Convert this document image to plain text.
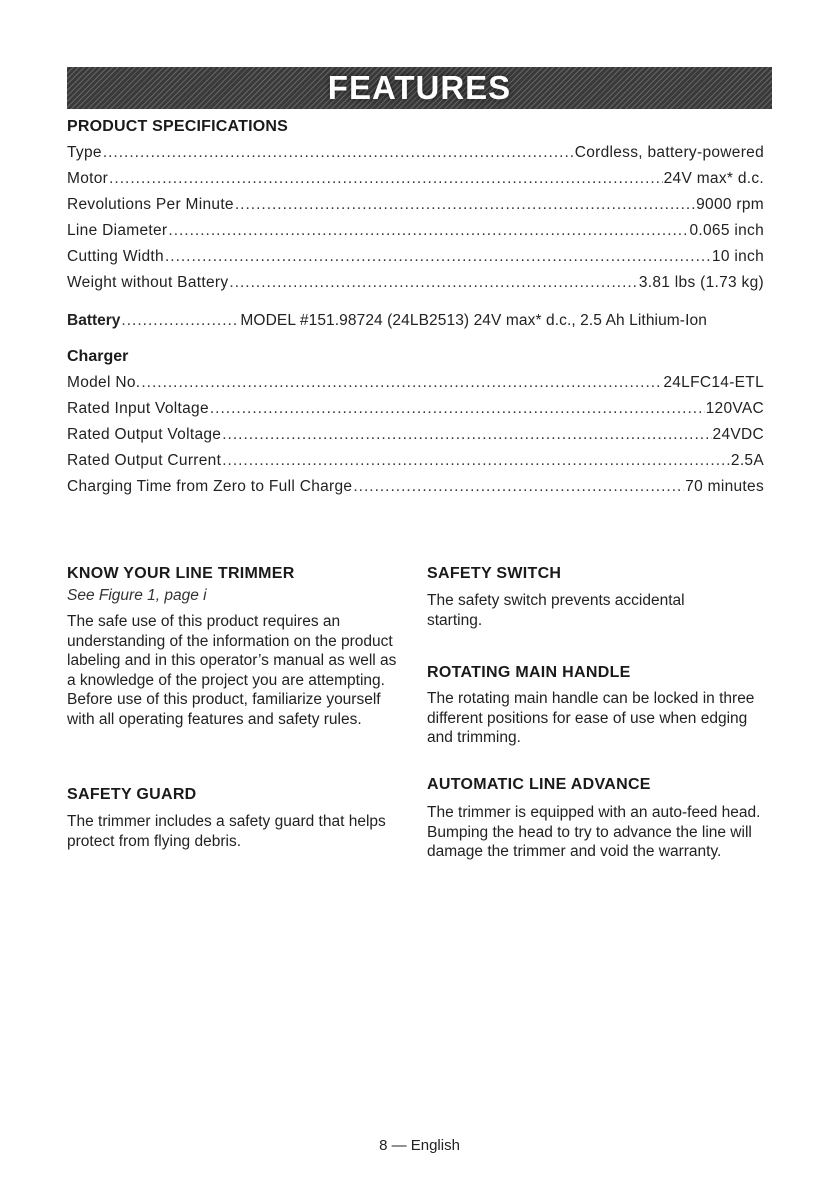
FEATURES
PRODUCT SPECIFICATIONS
Type .....	Cordless, battery-powered
Motor .....	24V max* d.c.
Revolutions Per Minute .....	9000 rpm
Line Diameter .....	0.065 inch
Cutting Width .....	10 inch
Weight without Battery .....	3.81 lbs (1.73 kg)
Battery .....	MODEL #151.98724 (24LB2513) 24V max* d.c., 2.5 Ah Lithium-Ion
Charger
Model No. .....	24LFC14-ETL
Rated Input Voltage .....	120VAC
Rated Output Voltage .....	24VDC
Rated Output Current .....	2.5A
Charging Time from Zero to Full Charge .....	70 minutes
KNOW YOUR LINE TRIMMER
See Figure 1, page i

The safe use of this product requires an understanding of the information on the product labeling and in this operator’s manual as well as a knowledge of the project you are attempting. Before use of this product, familiarize yourself with all operating features and safety rules.

SAFETY GUARD

The trimmer includes a safety guard that helps protect from flying debris.

SAFETY SWITCH

The safety switch prevents accidental starting.

ROTATING MAIN HANDLE

The rotating main handle can be locked in three different positions for ease of use when edging and trimming.

AUTOMATIC LINE ADVANCE

The trimmer is equipped with an auto-feed head. Bumping the head to try to advance the line will damage the trimmer and void the warranty.

8 — English
